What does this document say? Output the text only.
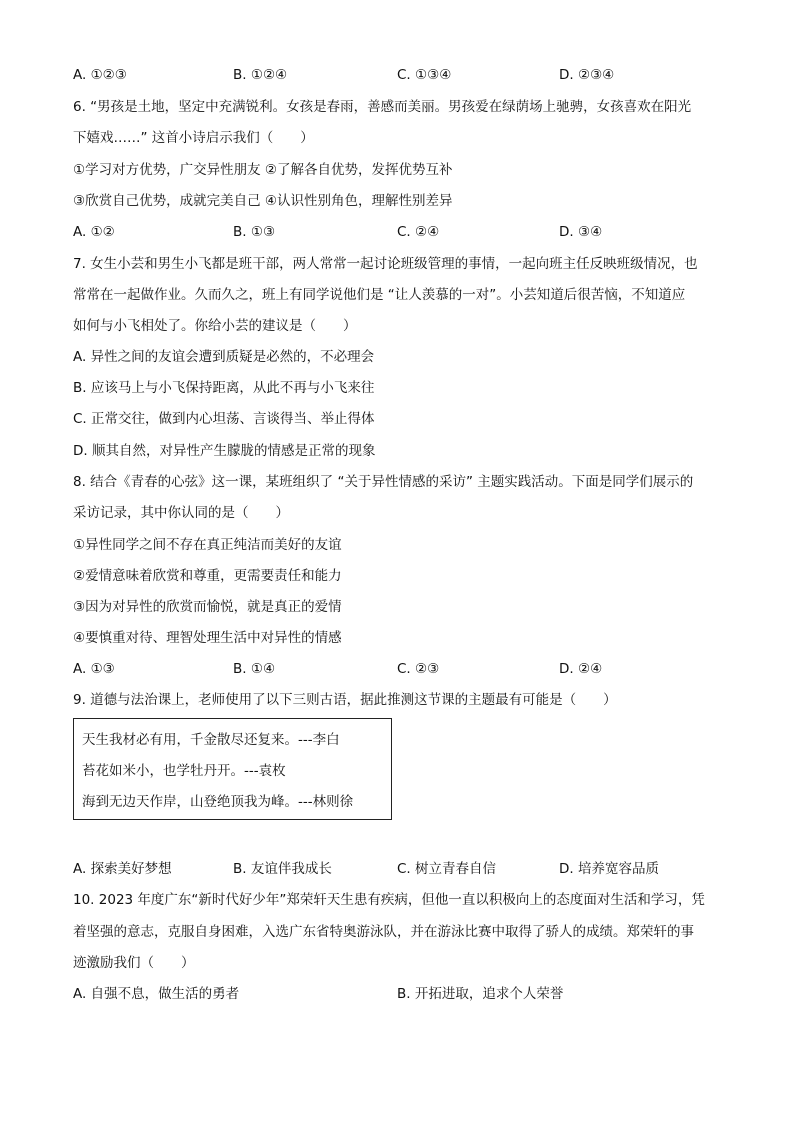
A. ①②③	B. ①②④	C. ①③④	D. ②③④
6. “男孩是土地，坚定中充满锐利。女孩是春雨，善感而美丽。男孩爱在绿荫场上驰骋，女孩喜欢在阳光
下嬉戏……” 这首小诗启示我们（　　）
①学习对方优势，广交异性朋友 ②了解各自优势，发挥优势互补
③欣赏自己优势，成就完美自己 ④认识性别角色，理解性别差异
A. ①②	B. ①③	C. ②④	D. ③④
7. 女生小芸和男生小飞都是班干部，两人常常一起讨论班级管理的事情，一起向班主任反映班级情况，也
常常在一起做作业。久而久之，班上有同学说他们是 “让人羡慕的一对”。小芸知道后很苦恼，不知道应
如何与小飞相处了。你给小芸的建议是（　　）
A. 异性之间的友谊会遭到质疑是必然的，不必理会
B. 应该马上与小飞保持距离，从此不再与小飞来往
C. 正常交往，做到内心坦荡、言谈得当、举止得体
D. 顺其自然，对异性产生朦胧的情感是正常的现象
8. 结合《青春的心弦》这一课，某班组织了 “关于异性情感的采访” 主题实践活动。下面是同学们展示的
采访记录，其中你认同的是（　　）
①异性同学之间不存在真正纯洁而美好的友谊
②爱情意味着欣赏和尊重，更需要责任和能力
③因为对异性的欣赏而愉悦，就是真正的爱情
④要慎重对待、理智处理生活中对异性的情感
A. ①③	B. ①④	C. ②③	D. ②④
9. 道德与法治课上，老师使用了以下三则古语，据此推测这节课的主题最有可能是（　　）
天生我材必有用，千金散尽还复来。---李白
苔花如米小，也学牡丹开。---袁枚
海到无边天作岸，山登绝顶我为峰。---林则徐
A. 探索美好梦想	B. 友谊伴我成长	C. 树立青春自信	D. 培养宽容品质
10. 2023 年度广东“新时代好少年”郑荣轩天生患有疾病，但他一直以积极向上的态度面对生活和学习，凭
着坚强的意志，克服自身困难，入选广东省特奥游泳队，并在游泳比赛中取得了骄人的成绩。郑荣轩的事
迹激励我们（　　）
A. 自强不息，做生活的勇者	B. 开拓进取，追求个人荣誉
